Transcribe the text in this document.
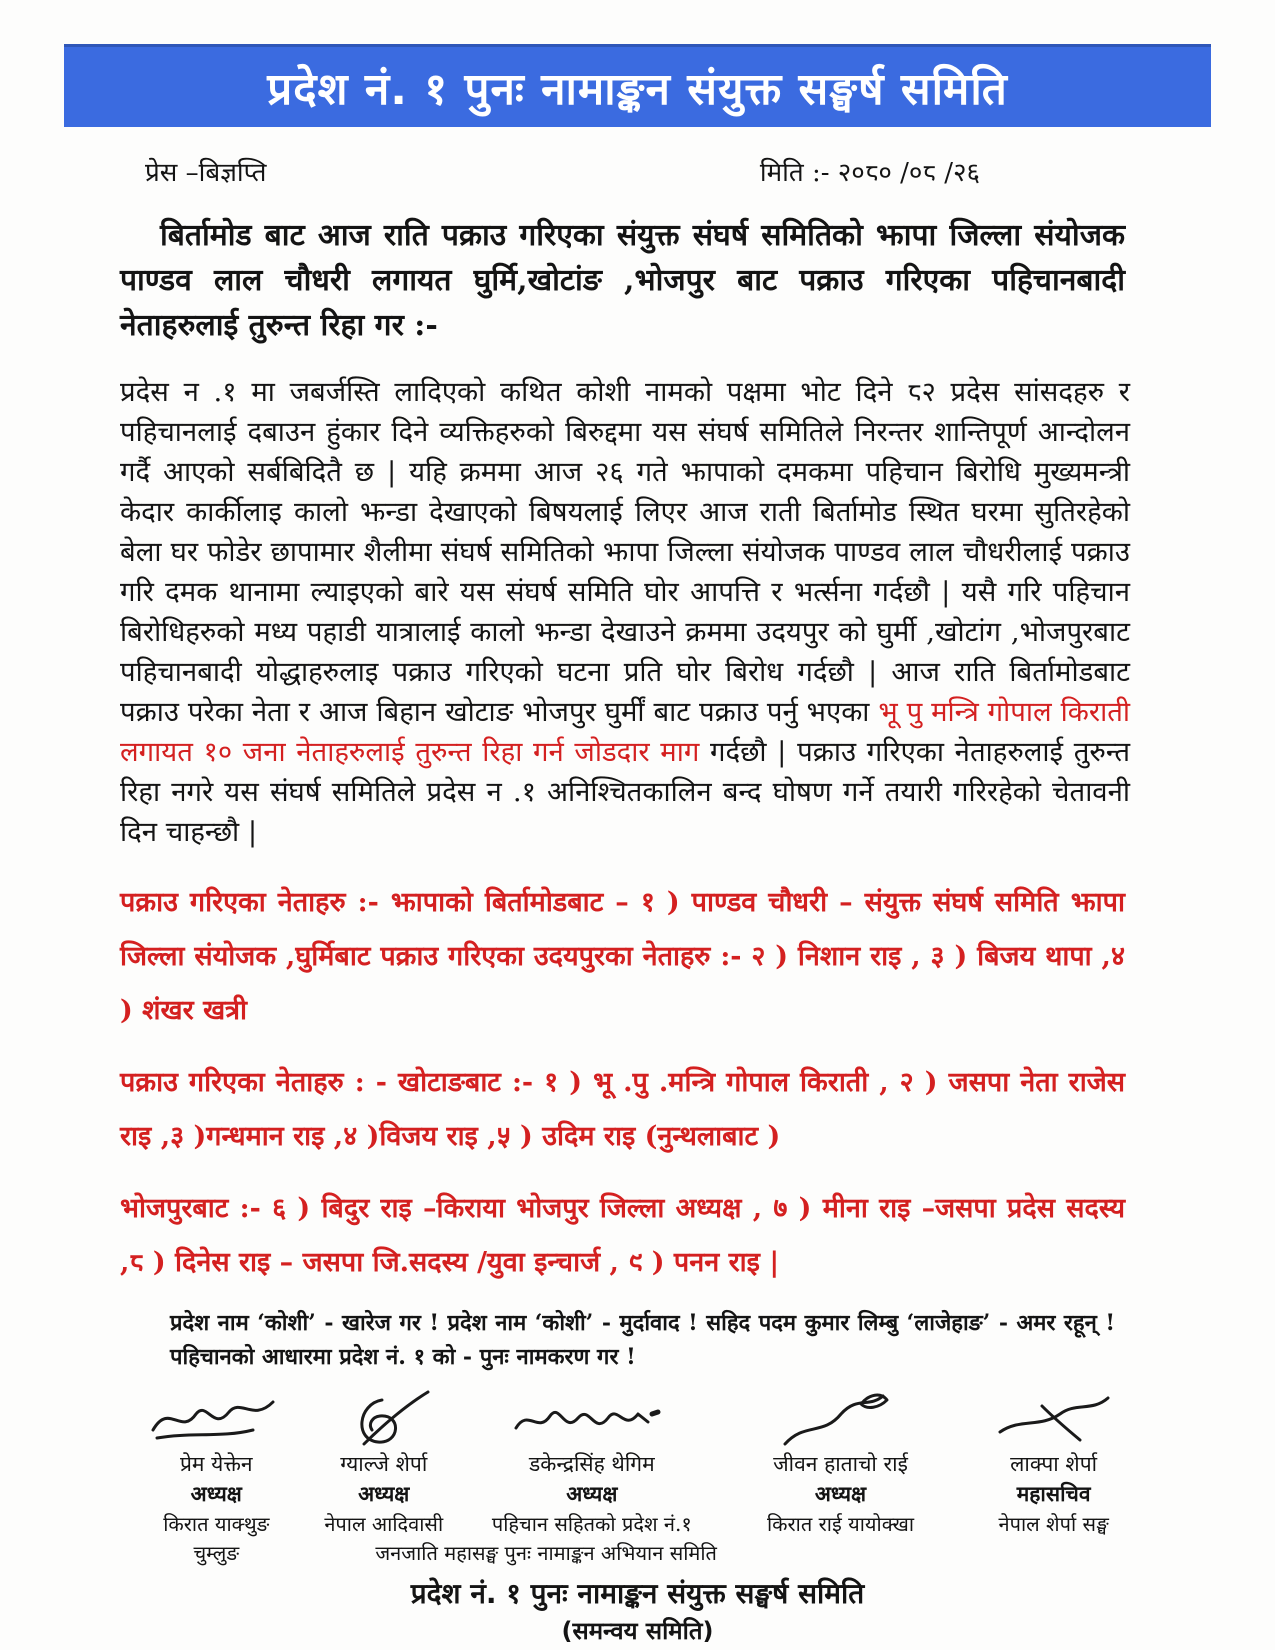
प्रदेश नं. १ पुनः नामाङ्कन संयुक्त सङ्घर्ष समिति
प्रेस –बिज्ञप्ति	मिति :- २०८० /०८ /२६
बिर्तामोड बाट आज राति पक्राउ गरिएका संयुक्त संघर्ष समितिको झापा जिल्ला संयोजक पाण्डव लाल चौधरी लगायत घुर्मि,खोटांङ ,भोजपुर बाट पक्राउ गरिएका पहिचानबादी नेताहरुलाई तुरुन्त रिहा गर :-
प्रदेस न .१ मा जबर्जस्ति लादिएको कथित कोशी नामको पक्षमा भोट दिने ८२ प्रदेस सांसदहरु र पहिचानलाई दबाउन हुंकार दिने व्यक्तिहरुको बिरुद्दमा यस संघर्ष समितिले निरन्तर शान्तिपूर्ण आन्दोलन गर्दै आएको सर्बबिदितै छ | यहि क्रममा आज २६ गते झापाको दमकमा पहिचान बिरोधि मुख्यमन्त्री केदार कार्कीलाइ कालो झन्डा देखाएको बिषयलाई लिएर आज राती बिर्तामोड स्थित घरमा सुतिरहेको बेला घर फोडेर छापामार शैलीमा संघर्ष समितिको झापा जिल्ला संयोजक पाण्डव लाल चौधरीलाई पक्राउ गरि दमक थानामा ल्याइएको बारे यस संघर्ष समिति घोर आपत्ति र भर्त्सना गर्दछौ | यसै गरि पहिचान बिरोधिहरुको मध्य पहाडी यात्रालाई कालो झन्डा देखाउने क्रममा उदयपुर को घुर्मी ,खोटांग ,भोजपुरबाट पहिचानबादी योद्धाहरुलाइ पक्राउ गरिएको घटना प्रति घोर बिरोध गर्दछौ | आज राति बिर्तामोडबाट पक्राउ परेका नेता र आज बिहान खोटाङ भोजपुर घुर्मीं बाट पक्राउ पर्नु भएका भू पु मन्त्रि गोपाल किराती लगायत १० जना नेताहरुलाई तुरुन्त रिहा गर्न जोडदार माग गर्दछौ | पक्राउ गरिएका नेताहरुलाई तुरुन्त रिहा नगरे यस संघर्ष समितिले प्रदेस न .१ अनिश्चितकालिन बन्द घोषण गर्ने तयारी गरिरहेको चेतावनी दिन चाहन्छौ |
पक्राउ गरिएका नेताहरु :- झापाको बिर्तामोडबाट – १ ) पाण्डव चौधरी – संयुक्त संघर्ष समिति झापा जिल्ला संयोजक ,घुर्मिबाट पक्राउ गरिएका उदयपुरका नेताहरु :- २ ) निशान राइ , ३ ) बिजय थापा ,४ ) शंखर खत्री
पक्राउ गरिएका नेताहरु : - खोटाङबाट :- १ ) भू .पु .मन्त्रि गोपाल किराती , २ ) जसपा नेता राजेस राइ ,३ )गन्धमान राइ ,४ )विजय राइ ,५ ) उदिम राइ (नुन्थलाबाट )
भोजपुरबाट :- ६ ) बिदुर राइ –किराया भोजपुर जिल्ला अध्यक्ष , ७ ) मीना राइ –जसपा प्रदेस सदस्य ,८ ) दिनेस राइ – जसपा जि.सदस्य /युवा इन्चार्ज , ९ ) पनन राइ |
प्रदेश नाम ‘कोशी’ - खारेज गर ! प्रदेश नाम ‘कोशी’ - मुर्दावाद ! सहिद पदम कुमार लिम्बु ‘लाजेहाङ’ - अमर रहून् ! पहिचानको आधारमा प्रदेश नं. १ को - पुनः नामकरण गर !
प्रेम येक्तेन
अध्यक्ष
किरात याक्थुङ
ग्याल्जे शेर्पा
अध्यक्ष
नेपाल आदिवासी
डकेन्द्रसिंह थेगिम
अध्यक्ष
पहिचान सहितको प्रदेश नं.१
जीवन हाताचो राई
अध्यक्ष
किरात राई यायोक्खा
लाक्पा शेर्पा
महासचिव
नेपाल शेर्पा सङ्घ
चुम्लुङ	जनजाति महासङ्घ पुनः नामाङ्कन अभियान समिति
प्रदेश नं. १ पुनः नामाङ्कन संयुक्त सङ्घर्ष समिति
(समन्वय समिति)
